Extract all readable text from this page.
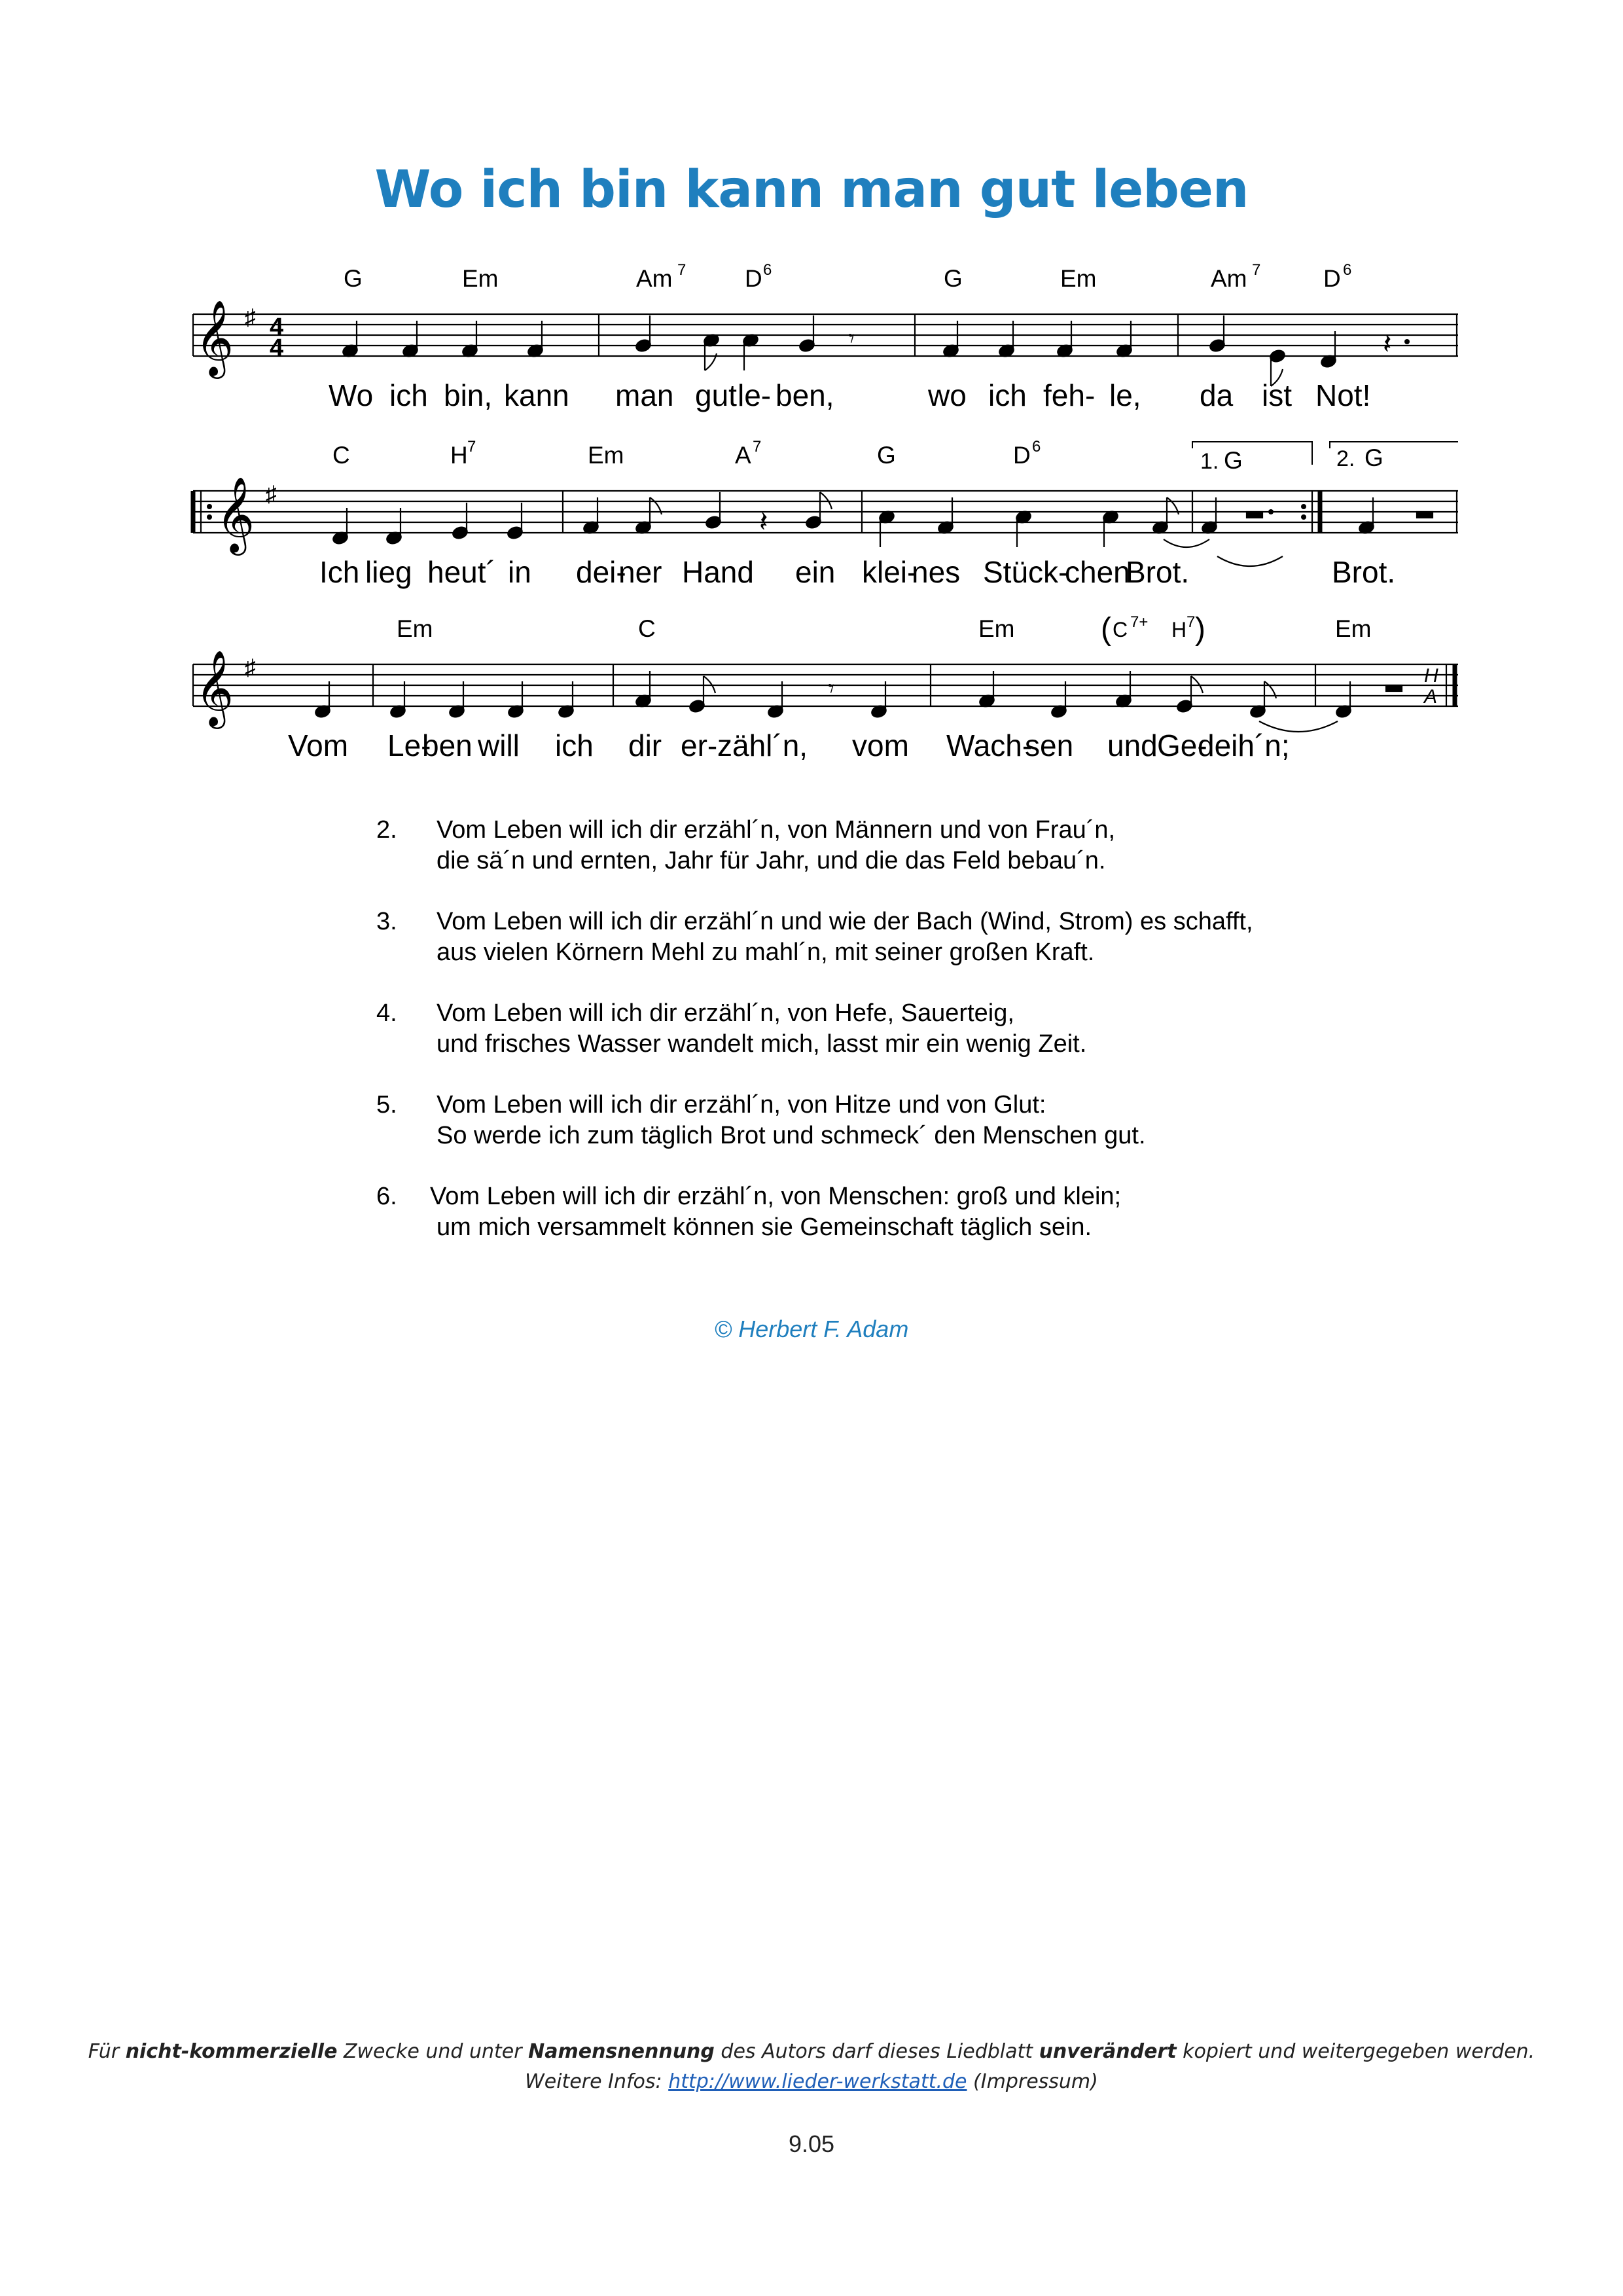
Wo ich bin kann man gut leben
𝄞 ♯ 4
4	𝄾	𝄽
G	Em	Am 7 D 6	G	Em	Am 7	D 6
Wo ich bin, kann man gut le- ben,	wo ich feh- le, da ist Not!
𝄞 ♯
1.	2.
𝄽
C	H 7	Em	A 7	G	D 6
G	G
Ich lieg heut´ in dei-
ner Hand ein klei-
nes Stück-
chen
Brot.	Brot.
𝄞 ♯
𝄾	H
A
Em	C	Em	( C 7+ H 7 )	Em
Vom Le-
ben will ich dir er- zähl´n, vom Wach-
sen und Ge-
deih´n;
2. Vom Leben will ich dir erzähl´n, von Männern und von Frau´n,
die sä´n und ernten, Jahr für Jahr, und die das Feld bebau´n.
3. Vom Leben will ich dir erzähl´n und wie der Bach (Wind, Strom) es schafft,
aus vielen Körnern Mehl zu mahl´n, mit seiner großen Kraft.
4. Vom Leben will ich dir erzähl´n, von Hefe, Sauerteig,
und frisches Wasser wandelt mich, lasst mir ein wenig Zeit.
5. Vom Leben will ich dir erzähl´n, von Hitze und von Glut:
So werde ich zum täglich Brot und schmeck´ den Menschen gut.
6. Vom Leben will ich dir erzähl´n, von Menschen: groß und klein;
um mich versammelt können sie Gemeinschaft täglich sein.
© Herbert F. Adam
Für nicht-kommerzielle Zwecke und unter Namensnennung des Autors darf dieses Liedblatt unverändert kopiert und weitergegeben werden.
Weitere Infos: http://www.lieder-werkstatt.de (Impressum)
9.05
